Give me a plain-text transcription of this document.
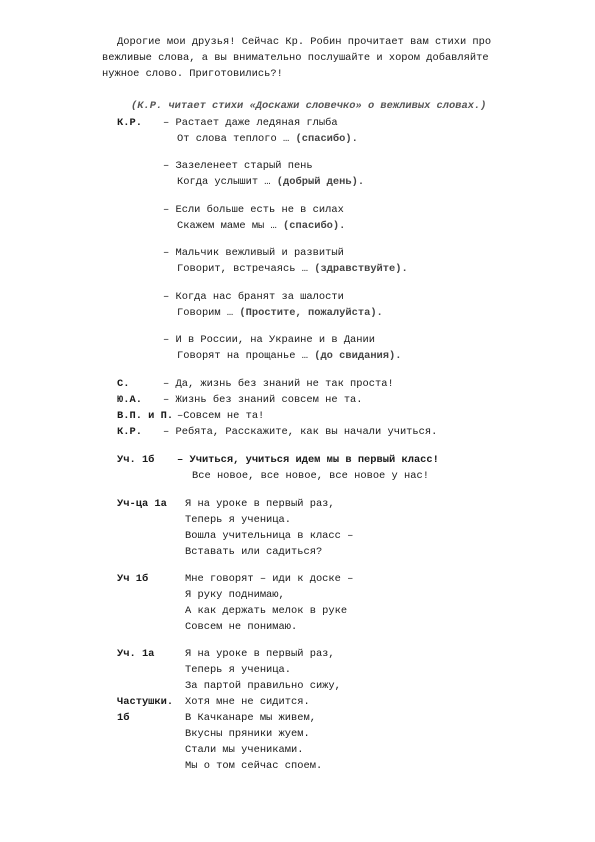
Дорогие мои друзья! Сейчас Кр. Робин прочитает вам стихи про
вежливые слова, а вы внимательно послушайте и хором добавляйте
нужное слово. Приготовились?!
(К.Р. читает стихи «Доскажи словечко» о вежливых словах.)
К.Р. – Растает даже ледяная глыба
От слова теплого … (спасибо).
– Зазеленеет старый пень
Когда услышит … (добрый день).
– Если больше есть не в силах
Скажем маме мы … (спасибо).
– Мальчик вежливый и развитый
Говорит, встречаясь … (здравствуйте).
– Когда нас бранят за шалости
Говорим … (Простите, пожалуйста).
– И в России, на Украине и в Дании
Говорят на прощанье … (до свидания).
С.	– Да, жизнь без знаний не так проста!
Ю.А. – Жизнь без знаний совсем не та.
В.П. и П. –Совсем не та!
К.Р. – Ребята, Расскажите, как вы начали учиться.
Уч. 1б – Учиться, учиться идем мы в первый класс!
Все новое, все новое, все новое у нас!
Уч-ца 1а Я на уроке в первый раз,
Теперь я ученица.
Вошла учительница в класс –
Вставать или садиться?
Уч 1б	Мне говорят – иди к доске –
Я руку поднимаю,
А как держать мелок в руке
Совсем не понимаю.
Уч. 1а	Я на уроке в первый раз,
Теперь я ученица.
За партой правильно сижу,
Хотя мне не сидится.
Частушки.
1б	В Качканаре мы живем,
Вкусны пряники жуем.
Стали мы учениками.
Мы о том сейчас споем.
